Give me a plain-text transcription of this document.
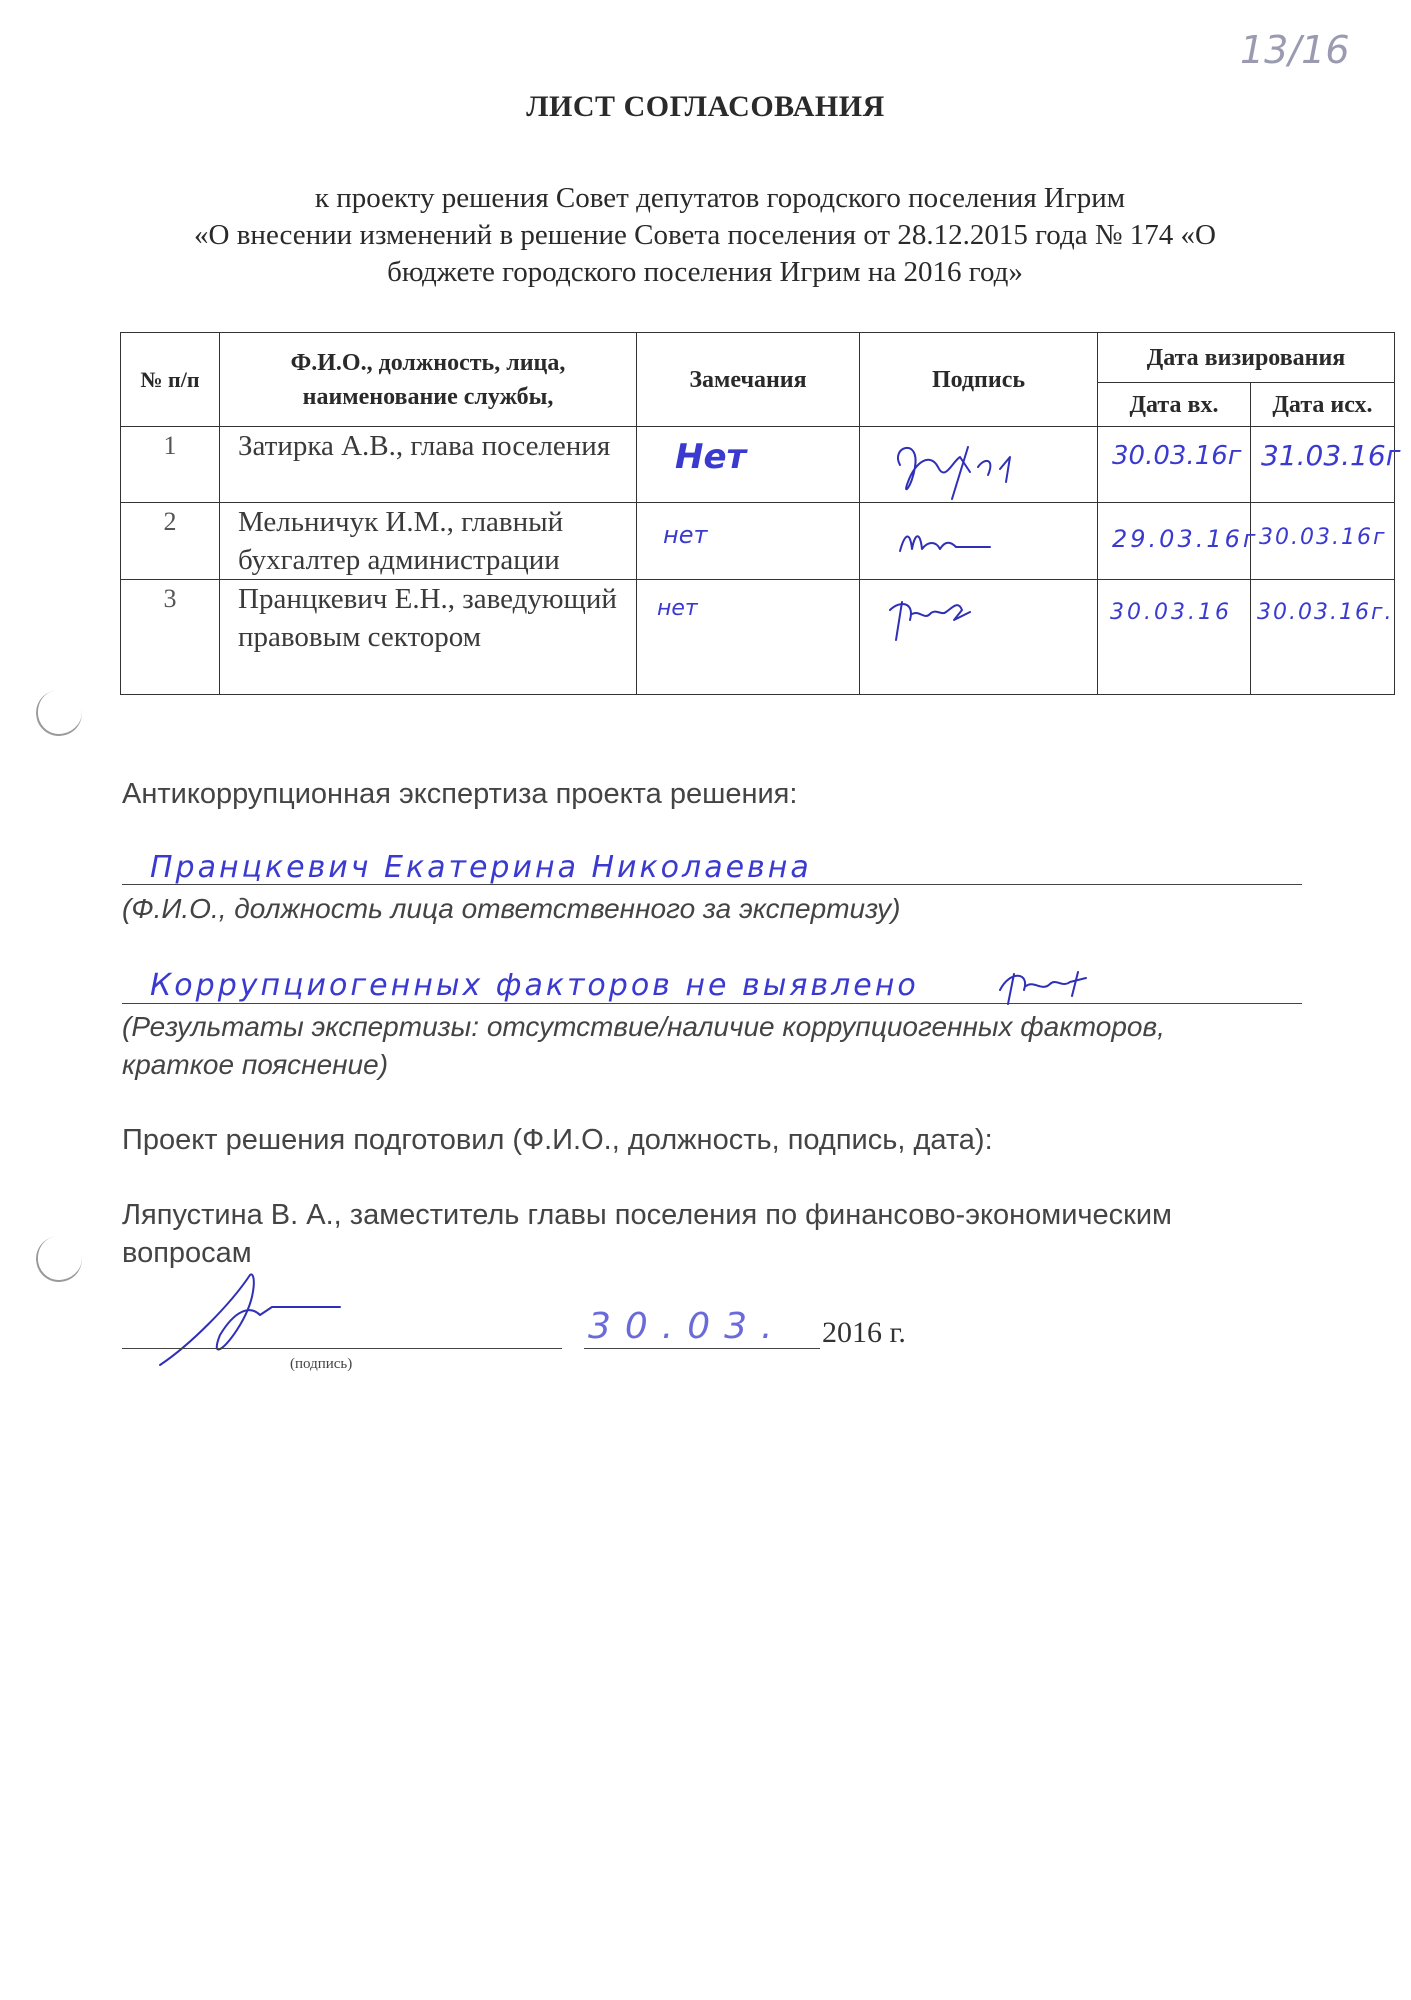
13/16
ЛИСТ СОГЛАСОВАНИЯ
к проекту решения Совет депутатов городского поселения Игрим
«О внесении изменений в решение Совета поселения от 28.12.2015 года № 174 «О
бюджете городского поселения Игрим на 2016 год»
№ п/п	Ф.И.О., должность, лица, наименование службы,	Замечания	Подпись	Дата визирования	
				Дата вх.	Дата исх.
1	Затирка А.В., глава поселения	Нет		30.03.16г	31.03.16г

2	Мельничук И.М., главный бухгалтер администрации	нет		29.03.16г	30.03.16г

3	Пранцкевич Е.Н., заведующий правовым сектором	нет		30.03.16	30.03.16г.
Антикоррупционная экспертиза проекта решения:
Пранцкевич Екатерина Николаевна
(Ф.И.О., должность лица ответственного за экспертизу)
Коррупциогенных факторов не выявлено
(Результаты экспертизы: отсутствие/наличие коррупциогенных факторов,
краткое пояснение)
Проект решения подготовил (Ф.И.О., должность, подпись, дата):
Ляпустина В. А., заместитель главы поселения по финансово-экономическим
вопросам
(подпись)
30.03. 2016 г.
